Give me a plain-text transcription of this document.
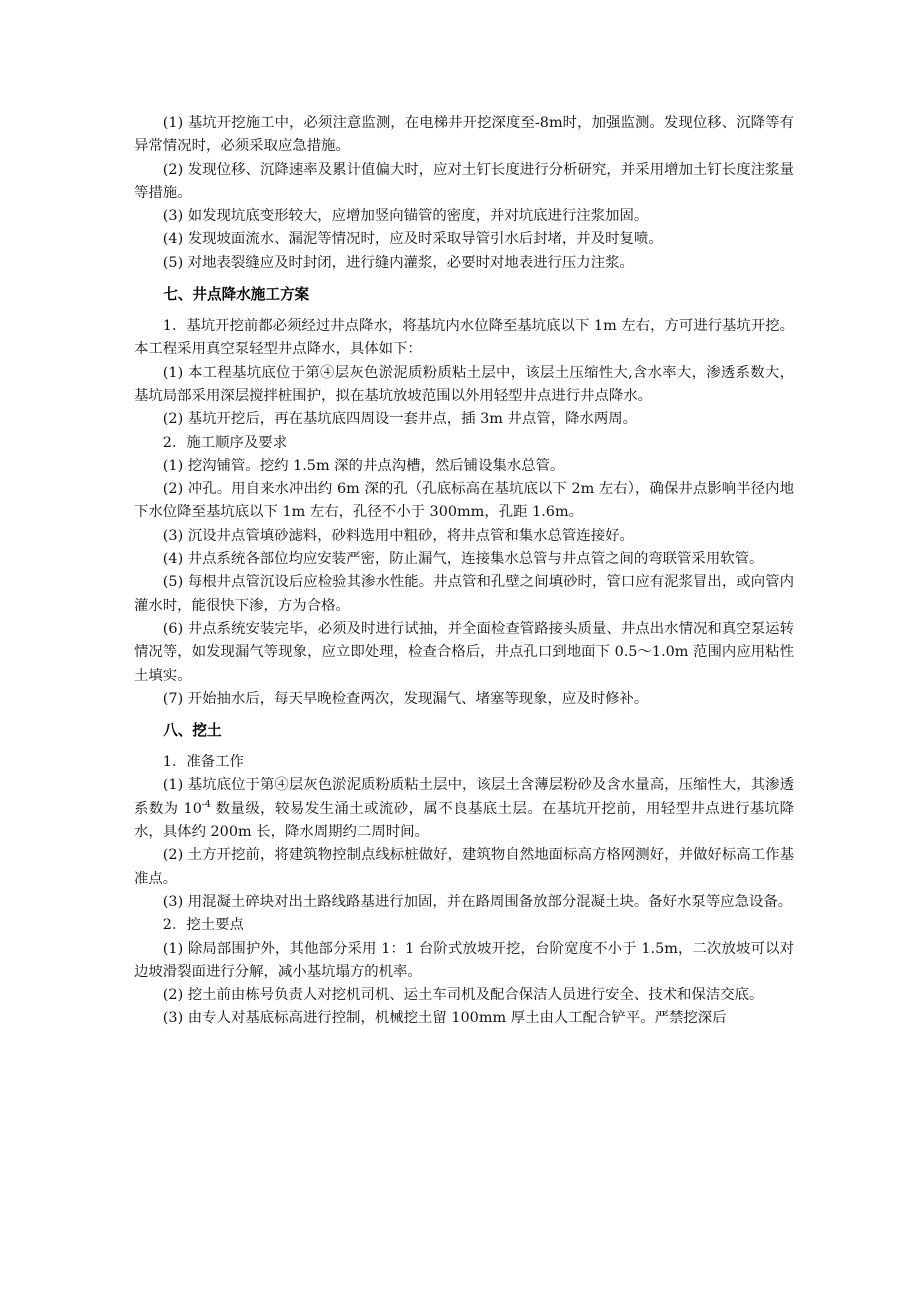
(1) 基坑开挖施工中，必须注意监测，在电梯井开挖深度至-8m时，加强监测。发现位移、沉降等有异常情况时，必须采取应急措施。

(2) 发现位移、沉降速率及累计值偏大时，应对土钉长度进行分析研究，并采用增加土钉长度注浆量等措施。

(3) 如发现坑底变形较大，应增加竖向锚管的密度，并对坑底进行注浆加固。

(4) 发现坡面流水、漏泥等情况时，应及时采取导管引水后封堵，并及时复喷。

(5) 对地表裂缝应及时封闭，进行缝内灌浆，必要时对地表进行压力注浆。

七、井点降水施工方案

1．基坑开挖前都必须经过井点降水，将基坑内水位降至基坑底以下 1m 左右，方可进行基坑开挖。本工程采用真空泵轻型井点降水，具体如下：

(1) 本工程基坑底位于第④层灰色淤泥质粉质粘土层中，该层土压缩性大,含水率大，渗透系数大，基坑局部采用深层搅拌桩围护，拟在基坑放坡范围以外用轻型井点进行井点降水。

(2) 基坑开挖后，再在基坑底四周设一套井点，插 3m 井点管，降水两周。

2．施工顺序及要求

(1) 挖沟铺管。挖约 1.5m 深的井点沟槽，然后铺设集水总管。

(2) 冲孔。用自来水冲出约 6m 深的孔（孔底标高在基坑底以下 2m 左右），确保井点影响半径内地下水位降至基坑底以下 1m 左右，孔径不小于 300mm，孔距 1.6m。

(3) 沉设井点管填砂滤料，砂料选用中粗砂，将井点管和集水总管连接好。

(4) 井点系统各部位均应安装严密，防止漏气，连接集水总管与井点管之间的弯联管采用软管。

(5) 每根井点管沉设后应检验其渗水性能。井点管和孔壁之间填砂时，管口应有泥浆冒出，或向管内灌水时，能很快下渗，方为合格。

(6) 井点系统安装完毕，必须及时进行试抽，并全面检查管路接头质量、井点出水情况和真空泵运转情况等，如发现漏气等现象，应立即处理，检查合格后，井点孔口到地面下 0.5～1.0m 范围内应用粘性土填实。

(7) 开始抽水后，每天早晚检查两次，发现漏气、堵塞等现象，应及时修补。

八、挖土

1．准备工作

(1) 基坑底位于第④层灰色淤泥质粉质粘土层中，该层土含薄层粉砂及含水量高，压缩性大，其渗透系数为 $10^{-4}$ 数量级，较易发生涌土或流砂，属不良基底土层。在基坑开挖前，用轻型井点进行基坑降水，具体约 200m 长，降水周期约二周时间。

(2) 土方开挖前，将建筑物控制点线标桩做好，建筑物自然地面标高方格网测好，并做好标高工作基准点。

(3) 用混凝土碎块对出土路线路基进行加固，并在路周围备放部分混凝土块。备好水泵等应急设备。

2．挖土要点

(1) 除局部围护外，其他部分采用 1：1 台阶式放坡开挖，台阶宽度不小于 1.5m，二次放坡可以对边坡滑裂面进行分解，减小基坑塌方的机率。

(2) 挖土前由栋号负责人对挖机司机、运土车司机及配合保洁人员进行安全、技术和保洁交底。

(3) 由专人对基底标高进行控制，机械挖土留 100mm 厚土由人工配合铲平。严禁挖深后
